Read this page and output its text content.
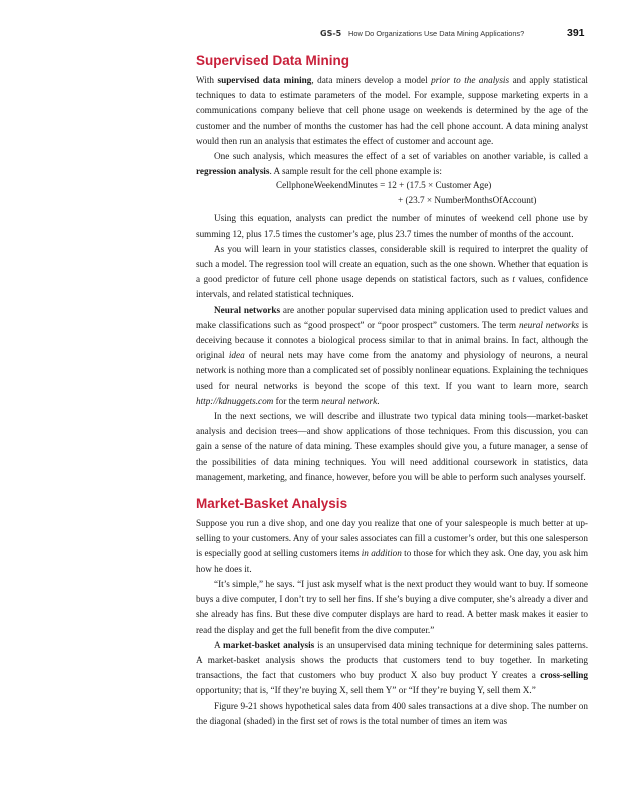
GS-5 How Do Organizations Use Data Mining Applications?	391
Supervised Data Mining

With supervised data mining, data miners develop a model prior to the analysis and apply statistical techniques to data to estimate parameters of the model. For example, suppose marketing experts in a communications company believe that cell phone usage on weekends is determined by the age of the customer and the number of months the customer has had the cell phone account. A data mining analyst would then run an analysis that estimates the effect of customer and account age.

One such analysis, which measures the effect of a set of variables on another variable, is called a regression analysis. A sample result for the cell phone example is:

CellphoneWeekendMinutes = 12 + (17.5 × Customer Age)
+ (23.7 × NumberMonthsOfAccount)

Using this equation, analysts can predict the number of minutes of weekend cell phone use by summing 12, plus 17.5 times the customer’s age, plus 23.7 times the number of months of the account.

As you will learn in your statistics classes, considerable skill is required to interpret the quality of such a model. The regression tool will create an equation, such as the one shown. Whether that equation is a good predictor of future cell phone usage depends on statistical factors, such as t values, confidence intervals, and related statistical techniques.

Neural networks are another popular supervised data mining application used to predict values and make classifications such as “good prospect” or “poor prospect” customers. The term neural networks is deceiving because it connotes a biological process similar to that in animal brains. In fact, although the original idea of neural nets may have come from the anatomy and physiology of neurons, a neural network is nothing more than a complicated set of possibly nonlinear equations. Explaining the techniques used for neural networks is beyond the scope of this text. If you want to learn more, search http://kdnuggets.com for the term neural network.

In the next sections, we will describe and illustrate two typical data mining tools—market-basket analysis and decision trees—and show applications of those techniques. From this discussion, you can gain a sense of the nature of data mining. These examples should give you, a future manager, a sense of the possibilities of data mining techniques. You will need additional coursework in statistics, data management, marketing, and finance, however, before you will be able to perform such analyses yourself.

Market-Basket Analysis

Suppose you run a dive shop, and one day you realize that one of your salespeople is much better at up-selling to your customers. Any of your sales associates can fill a customer’s order, but this one salesperson is especially good at selling customers items in addition to those for which they ask. One day, you ask him how he does it.

“It’s simple,” he says. “I just ask myself what is the next product they would want to buy. If someone buys a dive computer, I don’t try to sell her fins. If she’s buying a dive computer, she’s already a diver and she already has fins. But these dive computer displays are hard to read. A better mask makes it easier to read the display and get the full benefit from the dive computer.”

A market-basket analysis is an unsupervised data mining technique for determining sales patterns. A market-basket analysis shows the products that customers tend to buy together. In marketing transactions, the fact that customers who buy product X also buy product Y creates a cross-selling opportunity; that is, “If they’re buying X, sell them Y” or “If they’re buying Y, sell them X.”

Figure 9-21 shows hypothetical sales data from 400 sales transactions at a dive shop. The number on the diagonal (shaded) in the first set of rows is the total number of times an item was
